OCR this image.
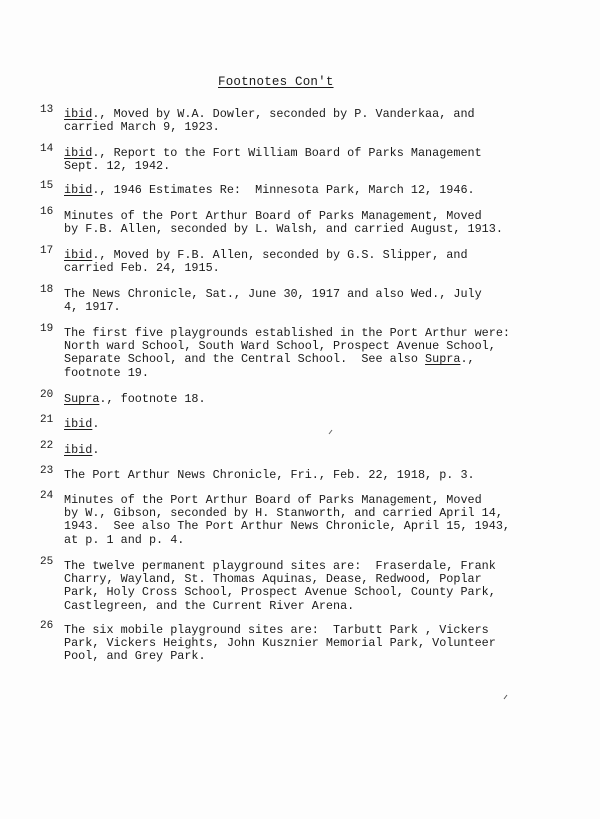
Footnotes Con't
13 ibid., Moved by W.A. Dowler, seconded by P. Vanderkaa, and
carried March 9, 1923.
14 ibid., Report to the Fort William Board of Parks Management
Sept. 12, 1942.
15 ibid., 1946 Estimates Re:  Minnesota Park, March 12, 1946.
16 Minutes of the Port Arthur Board of Parks Management, Moved
by F.B. Allen, seconded by L. Walsh, and carried August, 1913.
17 ibid., Moved by F.B. Allen, seconded by G.S. Slipper, and
carried Feb. 24, 1915.
18 The News Chronicle, Sat., June 30, 1917 and also Wed., July
4, 1917.
19 The first five playgrounds established in the Port Arthur were:
North ward School, South Ward School, Prospect Avenue School,
Separate School, and the Central School.  See also Supra.,
footnote 19.
20 Supra., footnote 18.
21 ibid.
22 ibid.
23 The Port Arthur News Chronicle, Fri., Feb. 22, 1918, p. 3.
24 Minutes of the Port Arthur Board of Parks Management, Moved
by W., Gibson, seconded by H. Stanworth, and carried April 14,
1943.  See also The Port Arthur News Chronicle, April 15, 1943,
at p. 1 and p. 4.
25 The twelve permanent playground sites are:  Fraserdale, Frank
Charry, Wayland, St. Thomas Aquinas, Dease, Redwood, Poplar
Park, Holy Cross School, Prospect Avenue School, County Park,
Castlegreen, and the Current River Arena.
26 The six mobile playground sites are:  Tarbutt Park , Vickers
Park, Vickers Heights, John Kusznier Memorial Park, Volunteer
Pool, and Grey Park.
